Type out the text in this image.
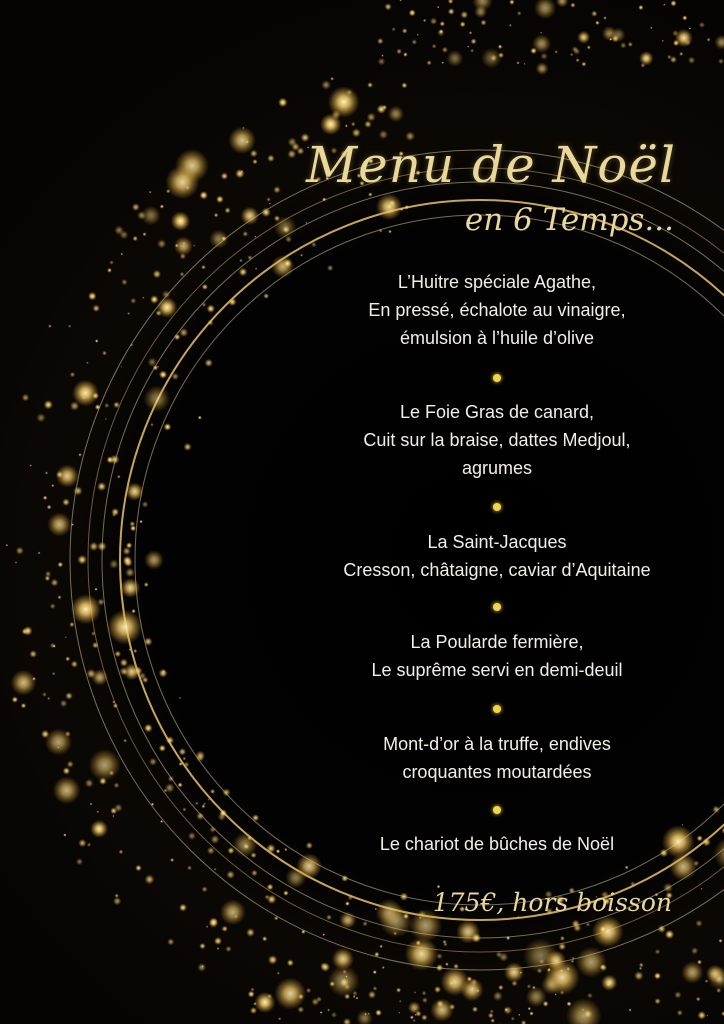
Menu de Noël
en 6 Temps...
L’Huitre spéciale Agathe,
En pressé, échalote au vinaigre,
émulsion à l’huile d’olive
Le Foie Gras de canard,
Cuit sur la braise, dattes Medjoul,
agrumes
La Saint-Jacques
Cresson, châtaigne, caviar d’Aquitaine
La Poularde fermière,
Le suprême servi en demi-deuil
Mont-d’or à la truffe, endives
croquantes moutardées
Le chariot de bûches de Noël
175€, hors boisson
